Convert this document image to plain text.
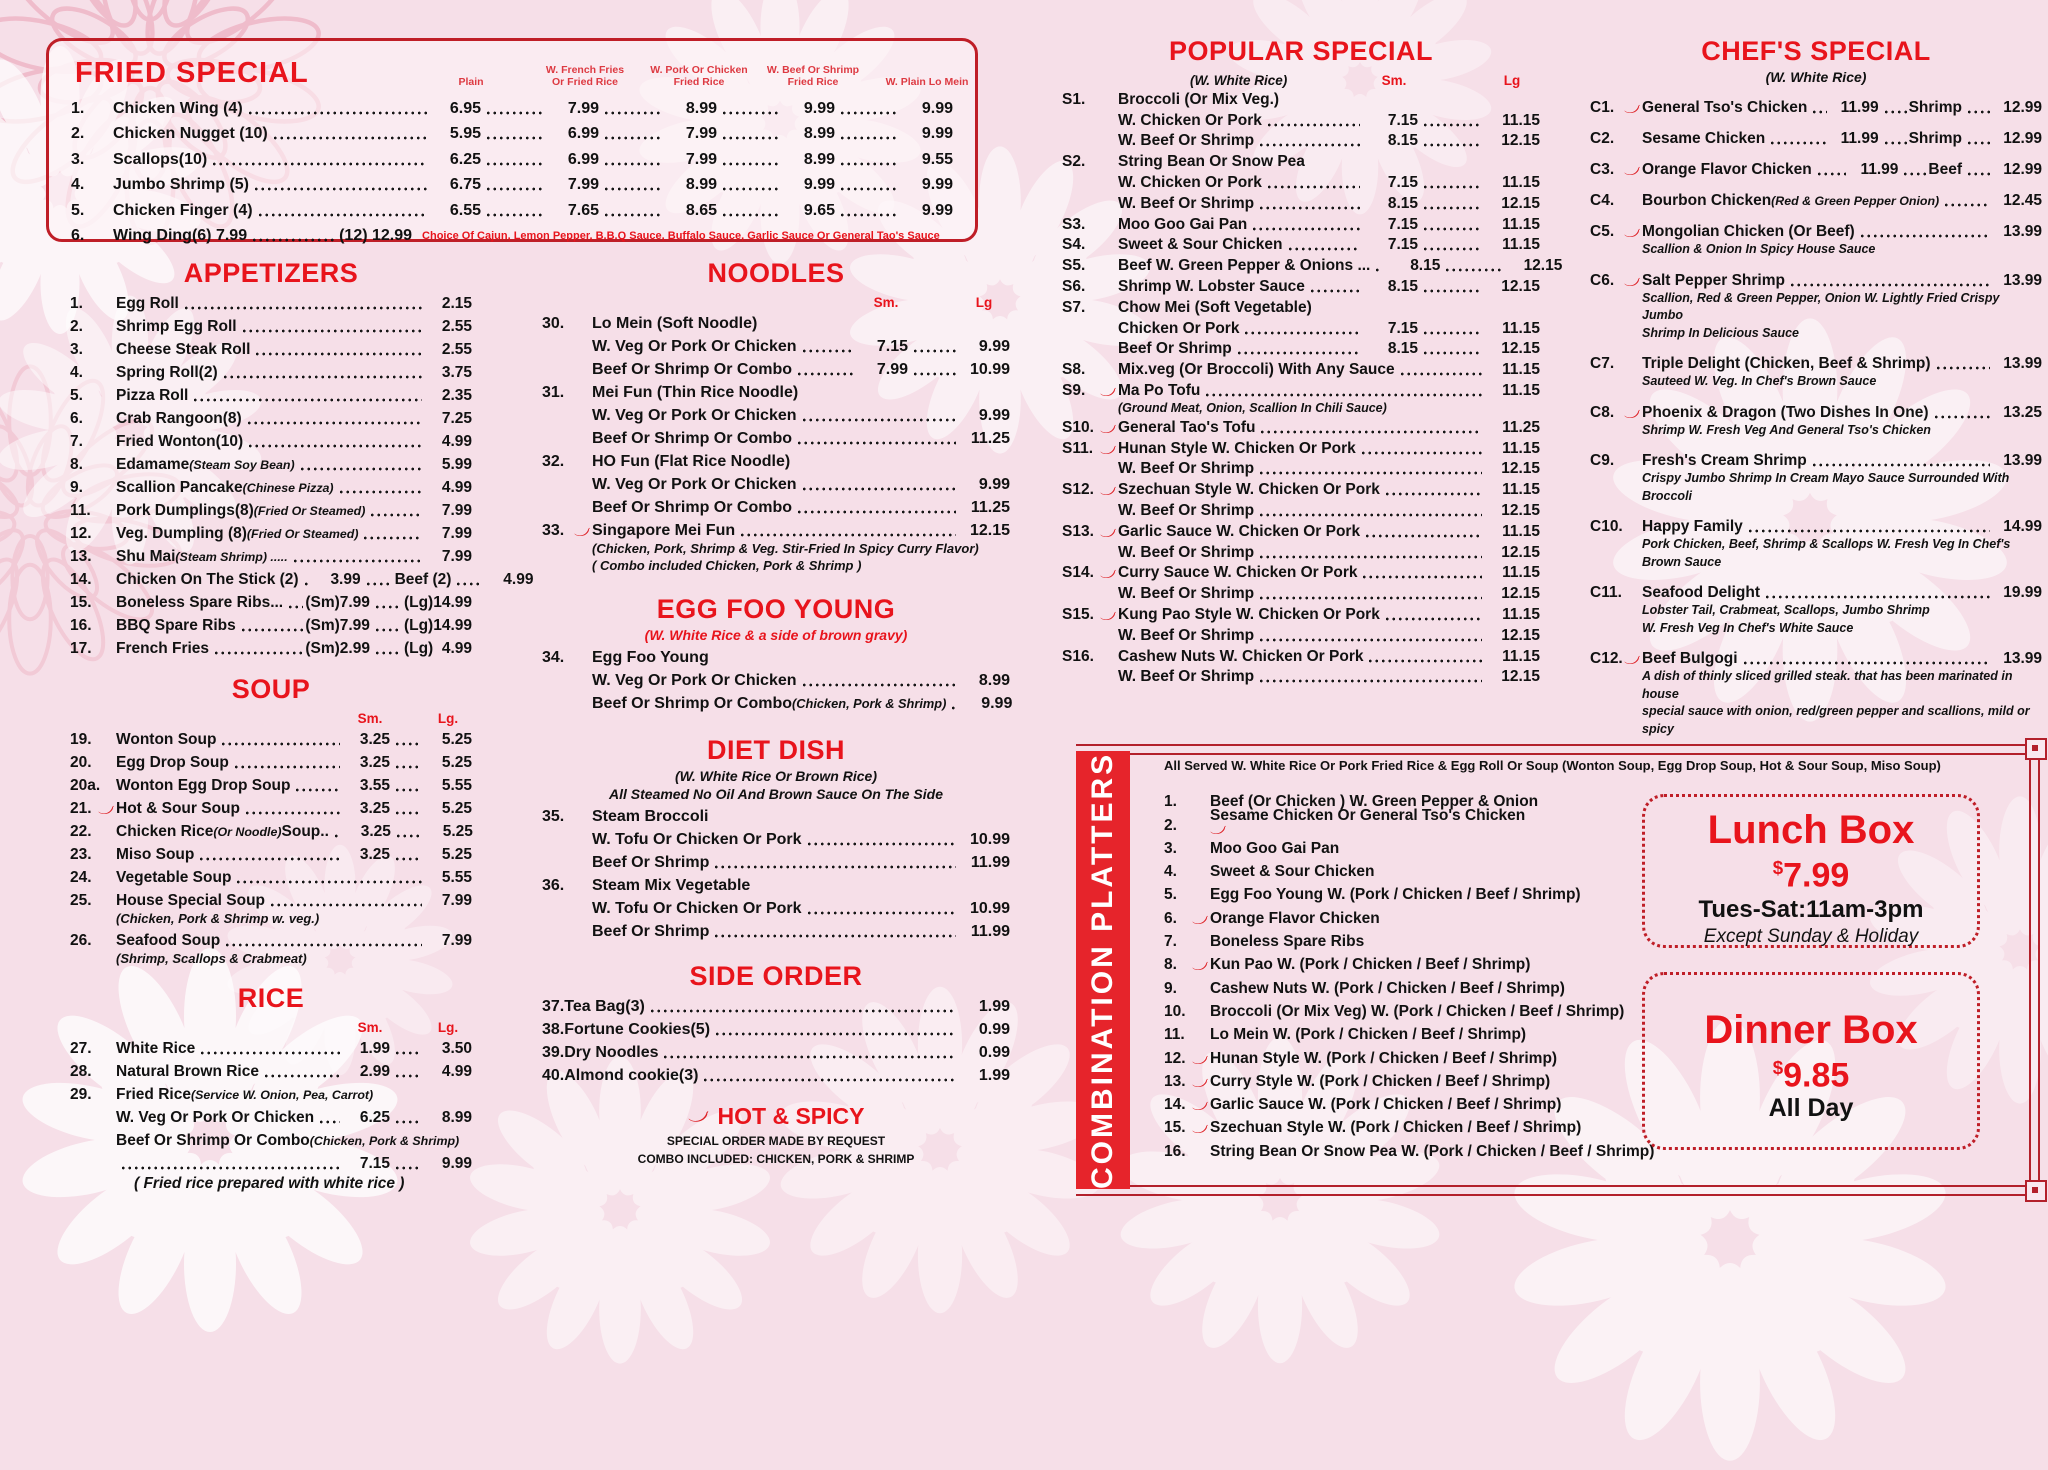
FRIED SPECIAL	Plain
W. French Fries
Or Fried Rice
W. Pork Or Chicken
Fried Rice
W. Beef Or Shrimp
Fried Rice	W. Plain Lo Mein
1.	Chicken Wing (4)	6.95	7.99	8.99	9.99	9.99
2.	Chicken Nugget (10)	5.95	6.99	7.99	8.99	9.99
3.	Scallops(10)	6.25	6.99	7.99	8.99	9.55
4.	Jumbo Shrimp (5)	6.75	7.99	8.99	9.99	9.99
5.	Chicken Finger (4)	6.55	7.65	8.65	9.65	9.99
6.	Wing Ding(6) 7.99	(12) 12.99 Choice Of Cajun, Lemon Pepper, B.B.Q Sauce, Buffalo Sauce, Garlic Sauce Or General Tao's Sauce
APPETIZERS
1.	Egg Roll	2.15
2.	Shrimp Egg Roll	2.55
3.	Cheese Steak Roll	2.55
4.	Spring Roll(2)	3.75
5.	Pizza Roll	2.35
6.	Crab Rangoon(8)	7.25
7.	Fried Wonton(10)	4.99
8.	Edamame(Steam Soy Bean)	5.99
9.	Scallion Pancake(Chinese Pizza)	4.99
11.	Pork Dumplings(8)(Fried Or Steamed)	7.99
12.	Veg. Dumpling (8)(Fried Or Steamed)	7.99
13.	Shu Mai(Steam Shrimp) .....	7.99
14.	Chicken On The Stick (2)	3.99 Beef (2)	4.99
15.	Boneless Spare Ribs... (Sm)7.99 (Lg)14.99
16.	BBQ Spare Ribs	(Sm)7.99 (Lg)14.99
17.	French Fries	(Sm)2.99 (Lg)  4.99
SOUP
Sm.	Lg.
19.	Wonton Soup	3.25	5.25
20.	Egg Drop Soup	3.25	5.25
20a.	Wonton Egg Drop Soup	3.55	5.55
21.	Hot & Sour Soup	3.25	5.25
22.	Chicken Rice(Or Noodle)Soup..	3.25	5.25
23.	Miso Soup	3.25	5.25
24.	Vegetable Soup	5.55
25.	House Special Soup	7.99
(Chicken, Pork & Shrimp w. veg.)
26.	Seafood Soup	7.99
(Shrimp, Scallops & Crabmeat)
RICE
Sm.	Lg.
27.	White Rice	1.99	3.50
28.	Natural Brown Rice	2.99	4.99
29.	Fried Rice(Service W. Onion, Pea, Carrot)
W. Veg Or Pork Or Chicken	6.25	8.99
Beef Or Shrimp Or Combo(Chicken, Pork & Shrimp)
7.15	9.99
( Fried rice prepared with white rice )
NOODLES
Sm.	Lg
30.	Lo Mein (Soft Noodle)
W. Veg Or Pork Or Chicken	7.15	9.99
Beef Or Shrimp Or Combo	7.99	10.99
31.	Mei Fun (Thin Rice Noodle)
W. Veg Or Pork Or Chicken	9.99
Beef Or Shrimp Or Combo	11.25
32.	HO Fun (Flat Rice Noodle)
W. Veg Or Pork Or Chicken	9.99
Beef Or Shrimp Or Combo	11.25
33.	Singapore Mei Fun	12.15
(Chicken, Pork, Shrimp & Veg. Stir-Fried In Spicy Curry Flavor)
( Combo included Chicken, Pork & Shrimp )
EGG FOO YOUNG
(W. White Rice & a side of brown gravy)
34.	Egg Foo Young
W. Veg Or Pork Or Chicken	8.99
Beef Or Shrimp Or Combo(Chicken, Pork & Shrimp)	9.99
DIET DISH
(W. White Rice Or Brown Rice)
All Steamed No Oil And Brown Sauce On The Side
35.	Steam Broccoli
W. Tofu Or Chicken Or Pork	10.99
Beef Or Shrimp	11.99
36.	Steam Mix Vegetable
W. Tofu Or Chicken Or Pork	10.99
Beef Or Shrimp	11.99
SIDE ORDER
37.Tea Bag(3)	1.99
38.Fortune Cookies(5)	0.99
39.Dry Noodles	0.99
40.Almond cookie(3)	1.99
HOT & SPICY
SPECIAL ORDER MADE BY REQUEST
COMBO INCLUDED: CHICKEN, PORK & SHRIMP
POPULAR SPECIAL
(W. White Rice)	Sm.	Lg
S1.	Broccoli (Or Mix Veg.)
W. Chicken Or Pork	7.15	11.15
W. Beef Or Shrimp	8.15	12.15
S2.	String Bean Or Snow Pea
W. Chicken Or Pork	7.15	11.15
W. Beef Or Shrimp	8.15	12.15
S3.	Moo Goo Gai Pan	7.15	11.15
S4.	Sweet & Sour Chicken	7.15	11.15
S5.	Beef W. Green Pepper & Onions ...	8.15	12.15
S6.	Shrimp W. Lobster Sauce	8.15	12.15
S7.	Chow Mei (Soft Vegetable)
Chicken Or Pork	7.15	11.15
Beef Or Shrimp	8.15	12.15
S8.	Mix.veg (Or Broccoli) With Any Sauce	11.15
S9.	Ma Po Tofu	11.15
(Ground Meat, Onion, Scallion In Chili Sauce)
S10.	General Tao's Tofu	11.25
S11.	Hunan Style W. Chicken Or Pork	11.15
W. Beef Or Shrimp	12.15
S12.	Szechuan Style W. Chicken Or Pork	11.15
W. Beef Or Shrimp	12.15
S13.	Garlic Sauce W. Chicken Or Pork	11.15
W. Beef Or Shrimp	12.15
S14.	Curry Sauce W. Chicken Or Pork	11.15
W. Beef Or Shrimp	12.15
S15.	Kung Pao Style W. Chicken Or Pork	11.15
W. Beef Or Shrimp	12.15
S16.	Cashew Nuts W. Chicken Or Pork	11.15
W. Beef Or Shrimp	12.15
CHEF'S SPECIAL
(W. White Rice)
C1.	General Tso's Chicken	11.99 Shrimp	12.99
C2.	Sesame Chicken	11.99 Shrimp	12.99
C3.	Orange Flavor Chicken	11.99 Beef	12.99
C4.	Bourbon Chicken(Red & Green Pepper Onion)	12.45
C5.	Mongolian Chicken (Or Beef)	13.99
Scallion & Onion In Spicy House Sauce
C6.	Salt Pepper Shrimp	13.99
Scallion, Red & Green Pepper, Onion W. Lightly Fried Crispy Jumbo
Shrimp In Delicious Sauce
C7.	Triple Delight (Chicken, Beef & Shrimp)	13.99
Sauteed W. Veg. In Chef's Brown Sauce
C8.	Phoenix & Dragon (Two Dishes In One)	13.25
Shrimp W. Fresh Veg And General Tso's Chicken
C9.	Fresh's Cream Shrimp	13.99
Crispy Jumbo Shrimp In Cream Mayo Sauce Surrounded With Broccoli
C10.	Happy Family	14.99
Pork Chicken, Beef, Shrimp & Scallops W. Fresh Veg In Chef's
Brown Sauce
C11.	Seafood Delight	19.99
Lobster Tail, Crabmeat, Scallops, Jumbo Shrimp
W. Fresh Veg In Chef's White Sauce
C12.	Beef Bulgogi	13.99
A dish of thinly sliced grilled steak. that has been marinated in house
special sauce with onion, red/green pepper and scallions, mild or spicy
COMBINATION PLATTERS	All Served W. White Rice Or Pork Fried Rice & Egg Roll Or Soup (Wonton Soup, Egg Drop Soup, Hot & Sour Soup, Miso Soup)
1.	Beef (Or Chicken ) W. Green Pepper & Onion
2.
Sesame Chicken Or General Tso's Chicken
3.	Moo Goo Gai Pan
4.	Sweet & Sour Chicken
5.	Egg Foo Young W. (Pork / Chicken / Beef / Shrimp)
6.	Orange Flavor Chicken
7.	Boneless Spare Ribs
8.	Kun Pao W. (Pork / Chicken / Beef / Shrimp)
9.	Cashew Nuts W. (Pork / Chicken / Beef / Shrimp)
10.	Broccoli (Or Mix Veg) W. (Pork / Chicken / Beef / Shrimp)
11.	Lo Mein W. (Pork / Chicken / Beef / Shrimp)
12.	Hunan Style W. (Pork / Chicken / Beef / Shrimp)
13.	Curry Style W. (Pork / Chicken / Beef / Shrimp)
14.	Garlic Sauce W. (Pork / Chicken / Beef / Shrimp)
15.	Szechuan Style W. (Pork / Chicken / Beef / Shrimp)
16.	String Bean Or Snow Pea W. (Pork / Chicken / Beef / Shrimp)
Lunch Box
$7.99
Tues-Sat:11am-3pm
Except Sunday & Holiday
Dinner Box
$9.85
All Day
